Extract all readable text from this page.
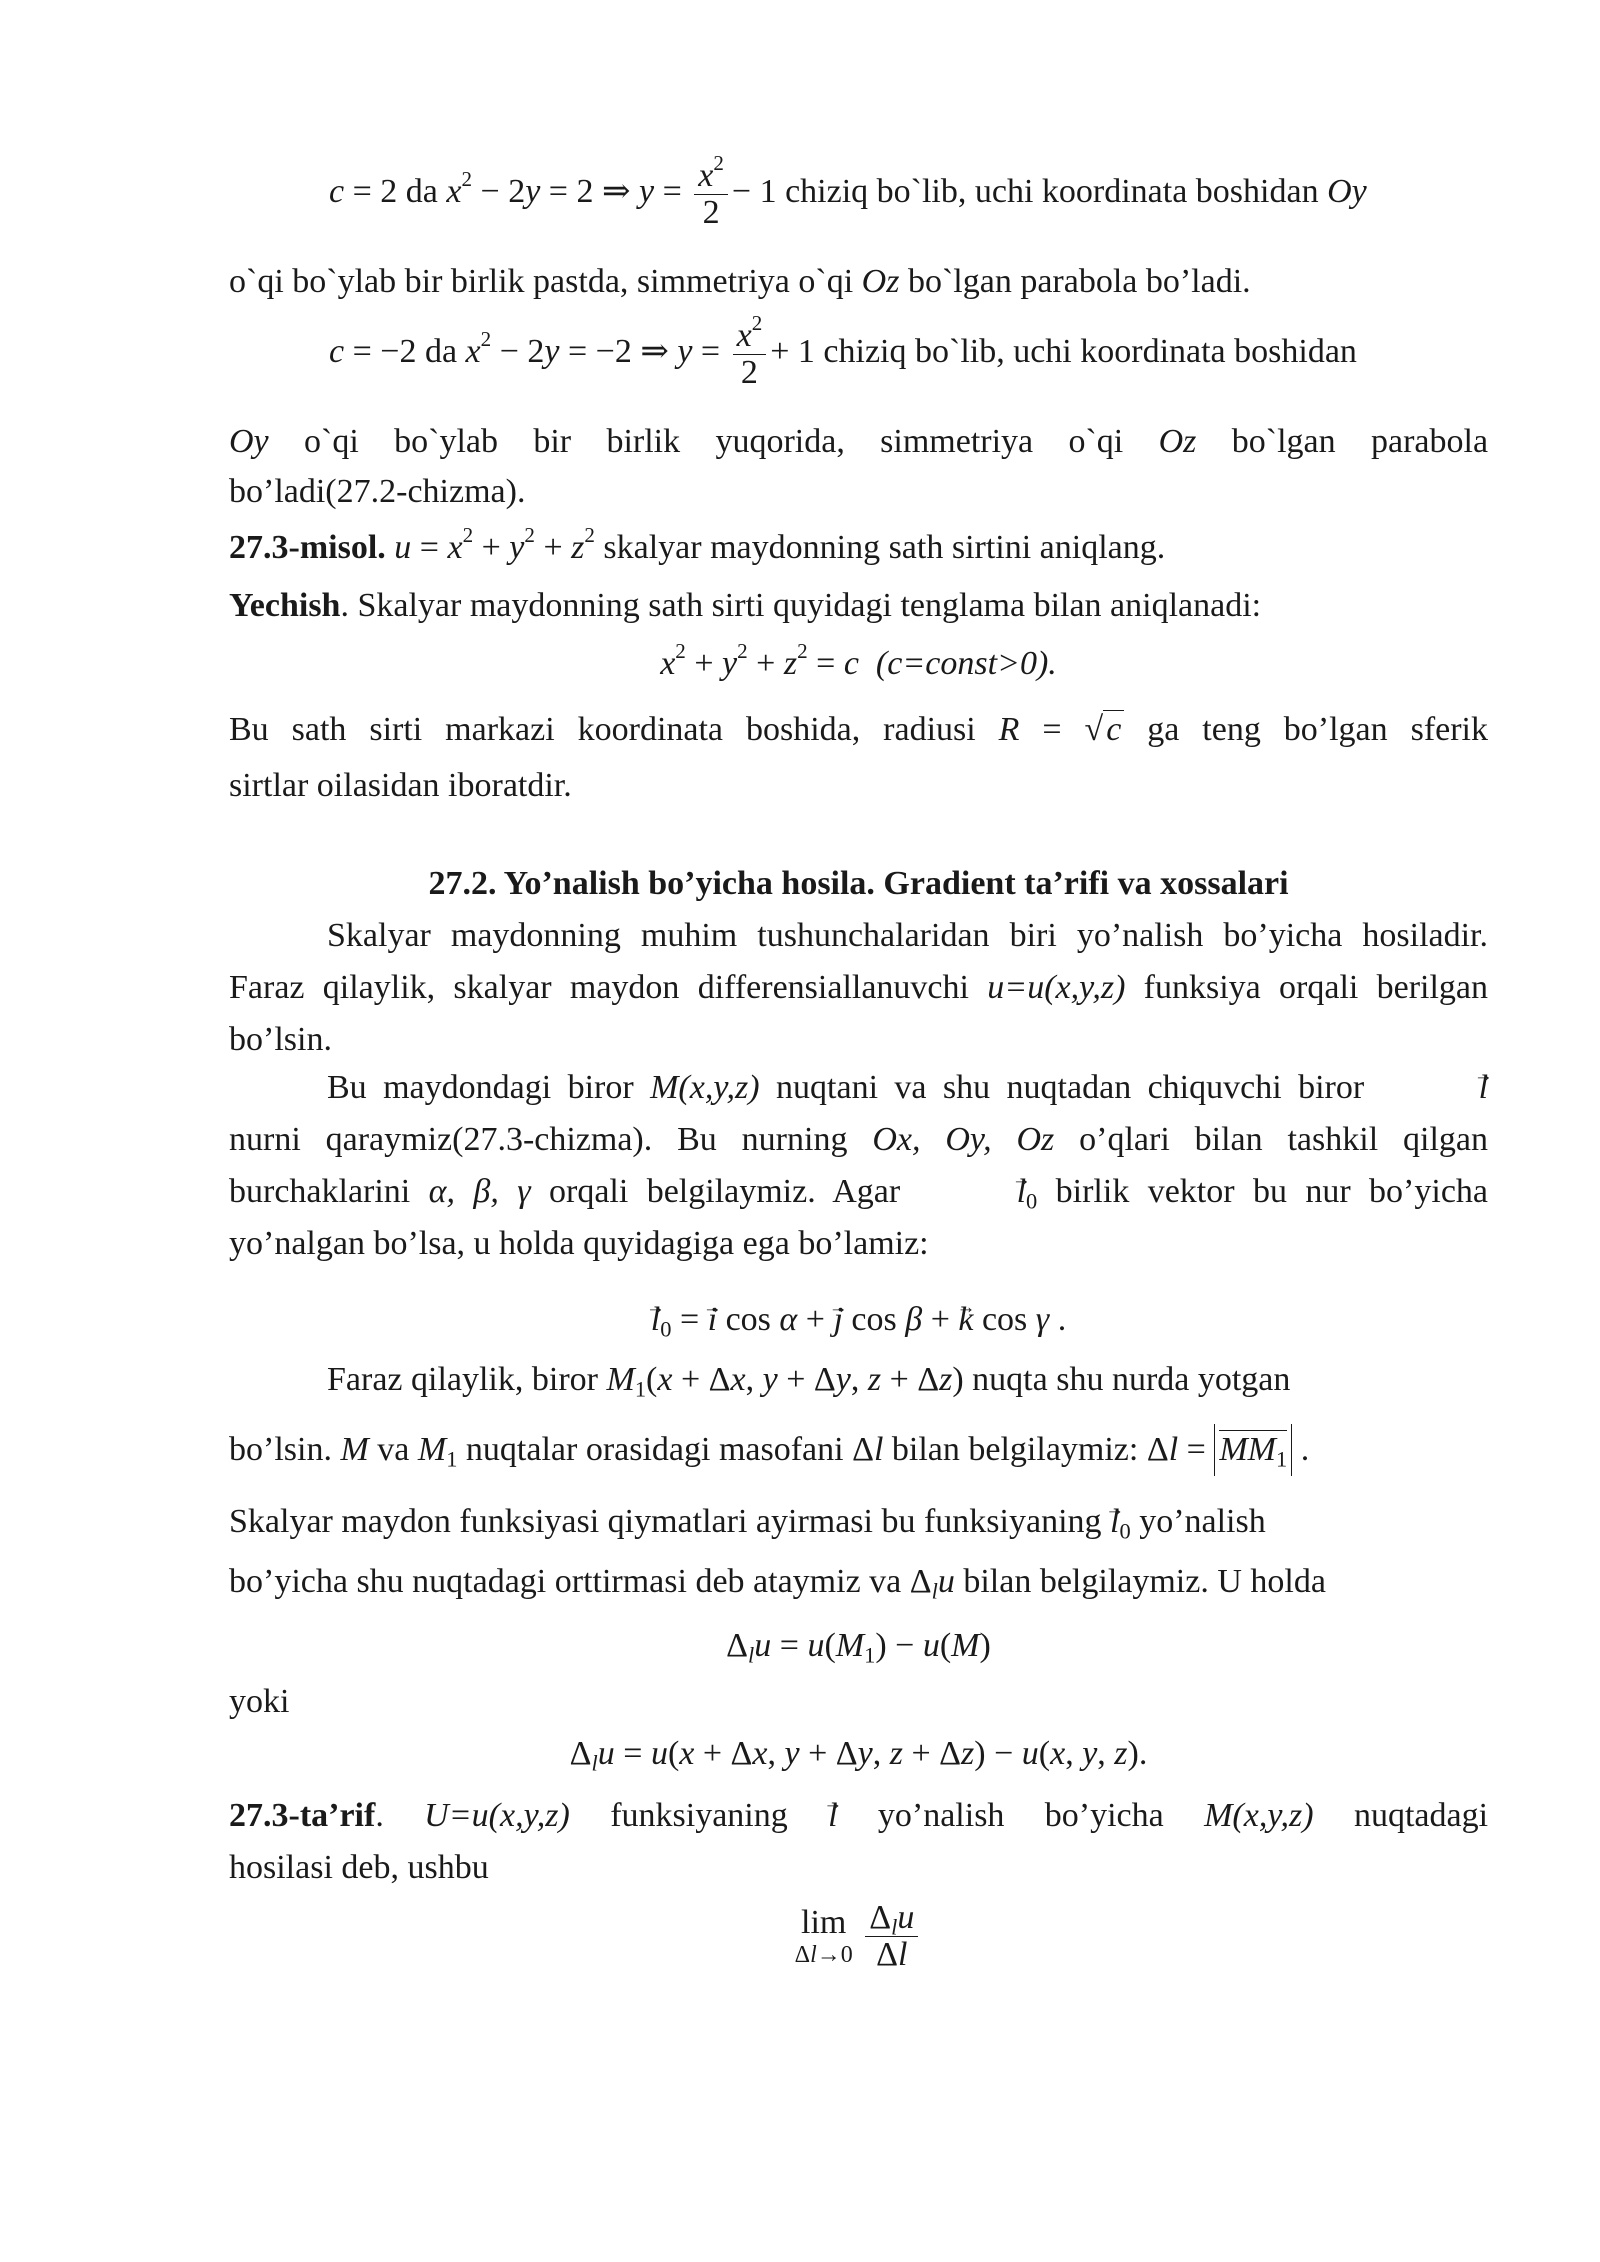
c = 2 da $x^2 - 2y = 2$ ⇒ $y = \frac{x^2}{2} - 1$ chiziq bo`lib, uchi koordinata boshidan Oy
o`qi bo`ylab bir birlik pastda, simmetriya o`qi Oz bo`lgan parabola bo’ladi.
c = −2 da $x^2 - 2y = -2$ ⇒ $y = \frac{x^2}{2} + 1$ chiziq bo`lib, uchi koordinata boshidan
Oy o`qi bo`ylab bir birlik yuqorida, simmetriya o`qi Oz bo`lgan parabola
bo’ladi(27.2-chizma).
27.3-misol. $u = x^2 + y^2 + z^2$ skalyar maydonning sath sirtini aniqlang.
Yechish. Skalyar maydonning sath sirti quyidagi tenglama bilan aniqlanadi:
$x^2 + y^2 + z^2 = c$ (c=const>0).
Bu sath sirti markazi koordinata boshida, radiusi R = √c ga teng bo’lgan sferik
sirtlar oilasidan iboratdir.
27.2. Yo’nalish bo’yicha hosila. Gradient ta’rifi va xossalari
Skalyar maydonning muhim tushunchalaridan biri yo’nalish bo’yicha hosiladir. Faraz qilaylik, skalyar maydon differensiallanuvchi u=u(x,y,z) funksiya orqali berilgan bo’lsin.
Bu maydondagi biror M(x,y,z) nuqtani va shu nuqtadan chiquvchi biror	→ l nurni qaraymiz(27.3-chizma). Bu nurning Ox, Oy, Oz o’qlari bilan tashkil qilgan burchaklarini α, β, γ orqali belgilaymiz. Agar	→ $l_0$ birlik vektor bu nur bo’yicha yo’nalgan bo’lsa, u holda quyidagiga ega bo’lamiz:
→ $l_0$ = → i cos α + → j cos β + → k cos γ .
Faraz qilaylik, biror $M_1(x + \Delta x$, y + Δy, z + Δz) nuqta shu nurda yotgan
bo’lsin. M va $M_1$ nuqtalar orasidagi masofani Δl bilan belgilaymiz: $\Delta l = MM_1$ .
Skalyar maydon funksiyasi qiymatlari ayirmasi bu funksiyaning → $l_0$ yo’nalish
bo’yicha shu nuqtadagi orttirmasi deb ataymiz va $\Delta_lu$ bilan belgilaymiz. U holda
$\Delta_lu = u(M_1) - u(M)$
yoki
$\Delta_lu = u(x + \Delta x$, y + Δy, z + Δz) − u(x, y, z).
27.3-ta’rif. U=u(x,y,z) funksiyaning → l yo’nalish bo’yicha M(x,y,z) nuqtadagi
hosilasi deb, ushbu
lim
Δl→0
$\frac{\Delta_lu}{\Delta l}$
